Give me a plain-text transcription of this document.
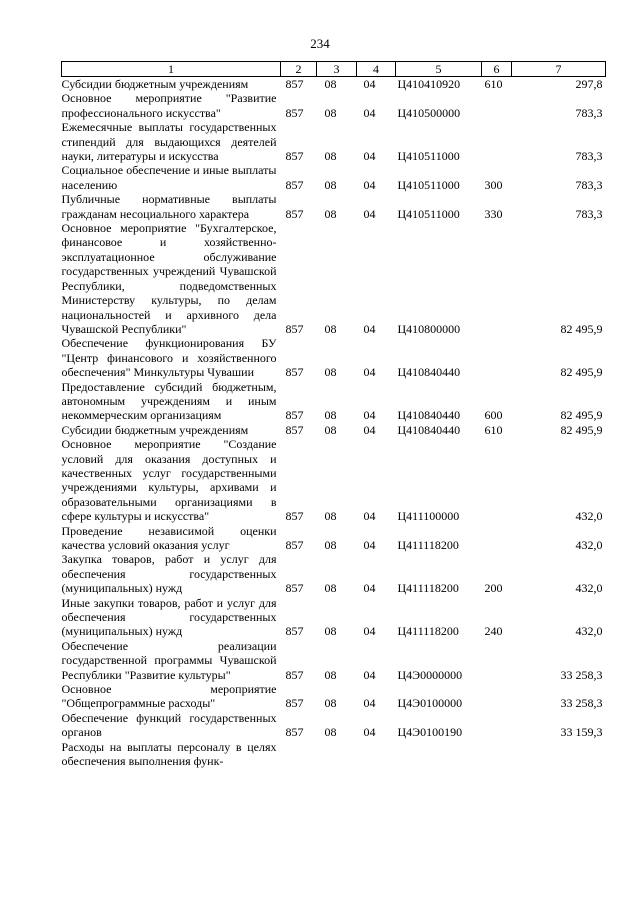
234
1	2	3	4	5	6	7
Субсидии бюджетным учреждениям	857	08	04	Ц410410920	610	297,8
Основное мероприятие "Развитие профессионального искусства"	857	08	04	Ц410500000		783,3
Ежемесячные выплаты государственных стипендий для выдающихся деятелей науки, литературы и искусства	857	08	04	Ц410511000		783,3
Социальное обеспечение и иные выплаты населению	857	08	04	Ц410511000	300	783,3
Публичные нормативные выплаты гражданам несоциального характера	857	08	04	Ц410511000	330	783,3
Основное мероприятие "Бухгалтерское, финансовое и хозяйственно-эксплуатационное обслуживание государственных учреждений Чувашской Республики, подведомственных Министерству культуры, по делам национальностей и архивного дела Чувашской Республики"	857	08	04	Ц410800000		82 495,9
Обеспечение функционирования БУ "Центр финансового и хозяйственного обеспечения" Минкультуры Чувашии	857	08	04	Ц410840440		82 495,9
Предоставление субсидий бюджетным, автономным учреждениям и иным некоммерческим организациям	857	08	04	Ц410840440	600	82 495,9
Субсидии бюджетным учреждениям	857	08	04	Ц410840440	610	82 495,9
Основное мероприятие "Создание условий для оказания доступных и качественных услуг государственными учреждениями культуры, архивами и образовательными организациями в сфере культуры и искусства"	857	08	04	Ц411100000		432,0
Проведение независимой оценки качества условий оказания услуг	857	08	04	Ц411118200		432,0
Закупка товаров, работ и услуг для обеспечения государственных (муниципальных) нужд	857	08	04	Ц411118200	200	432,0
Иные закупки товаров, работ и услуг для обеспечения государственных (муниципальных) нужд	857	08	04	Ц411118200	240	432,0
Обеспечение реализации государственной программы Чувашской Республики "Развитие культуры"	857	08	04	Ц4Э0000000		33 258,3
Основное мероприятие "Общепрограммные расходы"	857	08	04	Ц4Э0100000		33 258,3
Обеспечение функций государственных органов	857	08	04	Ц4Э0100190		33 159,3
Расходы на выплаты персоналу в целях обеспечения выполнения функ-						
